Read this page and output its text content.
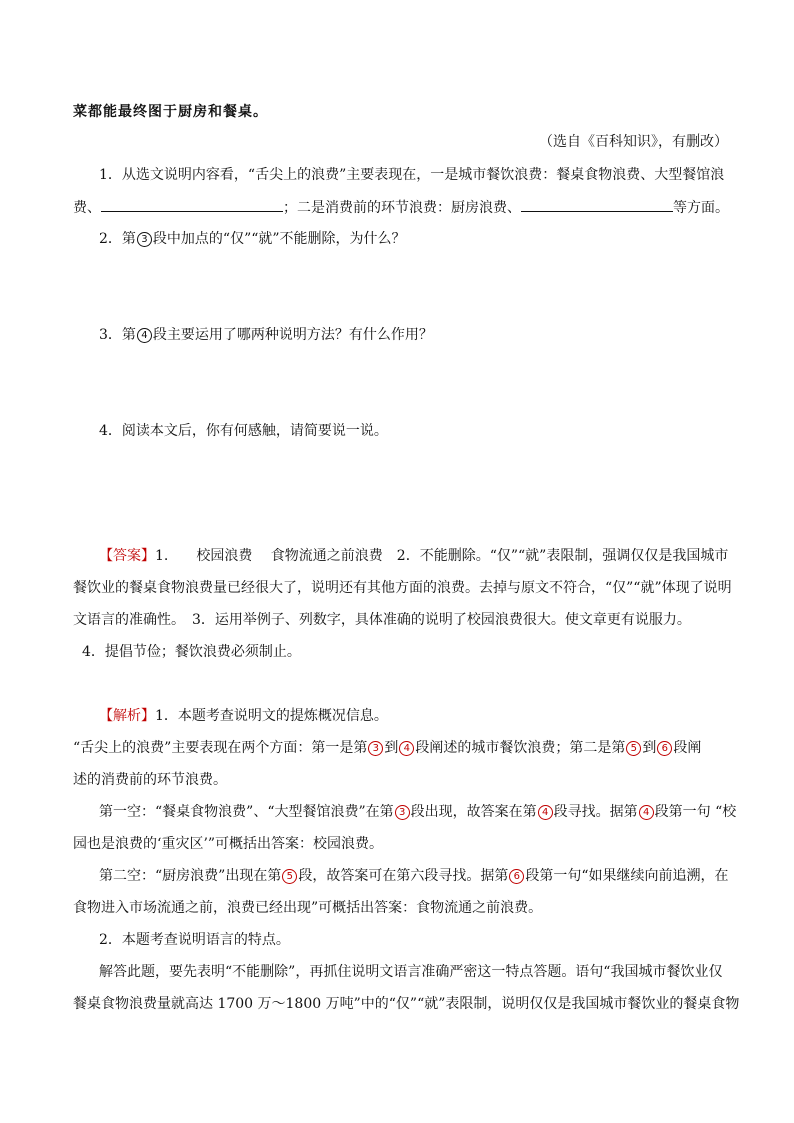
菜都能最终图于厨房和餐桌。
（选自《百科知识》，有删改）
1．从选文说明内容看，“舌尖上的浪费”主要表现在，一是城市餐饮浪费：餐桌食物浪费、大型餐馆浪
费、	；二是消费前的环节浪费：厨房浪费、	等方面。
2．第 3 段中加点的“仅”“就”不能删除，为什么？
3．第 4 段主要运用了哪两种说明方法？有什么作用？
4．阅读本文后，你有何感触，请简要说一说。
【答案】1.　　校园浪费　 食物流通之前浪费　2．不能删除。“仅”“就”表限制，强调仅仅是我国城市
餐饮业的餐桌食物浪费量已经很大了，说明还有其他方面的浪费。去掉与原文不符合，“仅”“就”体现了说明
文语言的准确性。　3．运用举例子、列数字，具体准确的说明了校园浪费很大。使文章更有说服力。
4．提倡节俭；餐饮浪费必须制止。
【解析】1．本题考查说明文的提炼概况信息。
“舌尖上的浪费”主要表现在两个方面：第一是第 3 到 4 段阐述的城市餐饮浪费；第二是第 5 到 6 段阐
述的消费前的环节浪费。
第一空：“餐桌食物浪费”、“大型餐馆浪费”在第 3 段出现，故答案在第 4 段寻找。据第 4 段第一句 “校
园也是浪费的‘重灾区’”可概括出答案：校园浪费。
第二空：“厨房浪费”出现在第 5 段，故答案可在第六段寻找。据第 6 段第一句“如果继续向前追溯，在
食物进入市场流通之前，浪费已经出现”可概括出答案：食物流通之前浪费。
2．本题考查说明语言的特点。
解答此题，要先表明“不能删除”，再抓住说明文语言准确严密这一特点答题。语句“我国城市餐饮业仅
餐桌食物浪费量就高达 1700 万～1800 万吨”中的“仅”“就”表限制，说明仅仅是我国城市餐饮业的餐桌食物
